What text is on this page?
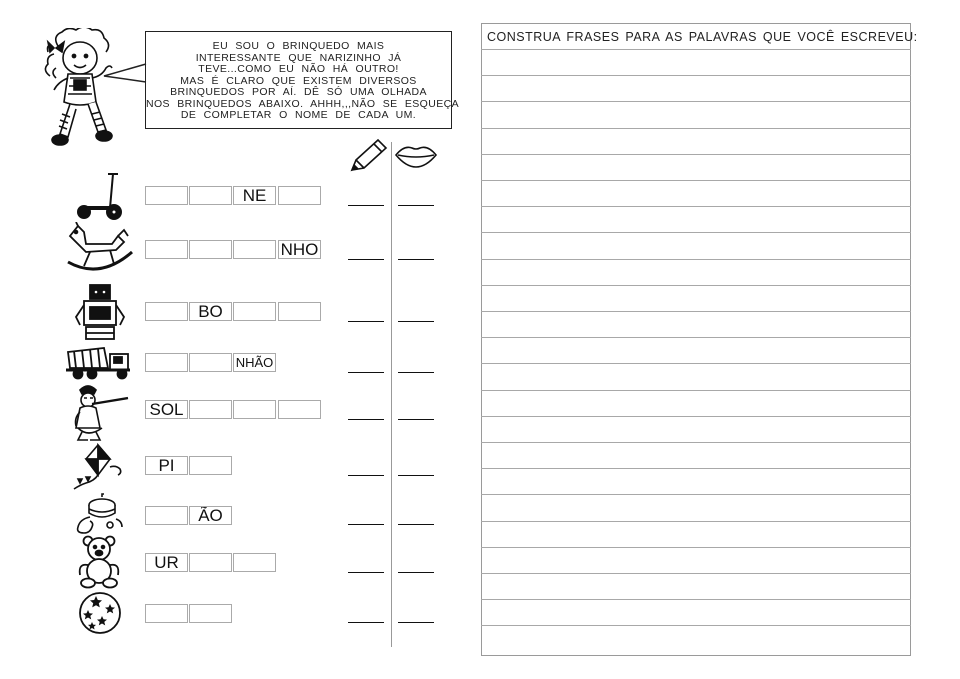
EU SOU O BRINQUEDO MAIS
INTERESSANTE QUE NARIZINHO JÁ
TEVE...COMO EU NÃO HÁ OUTRO!
MAS É CLARO QUE EXISTEM DIVERSOS
BRINQUEDOS POR AÍ. DÊ SÓ UMA OLHADA
NOS BRINQUEDOS ABAIXO. AHHH,,,NÃO SE ESQUEÇA
DE COMPLETAR O NOME DE CADA UM.
NE
NHO
BO
NHÃO
SOL
PI
ÃO
UR
CONSTRUA FRASES PARA AS PALAVRAS QUE VOCÊ ESCREVEU:
